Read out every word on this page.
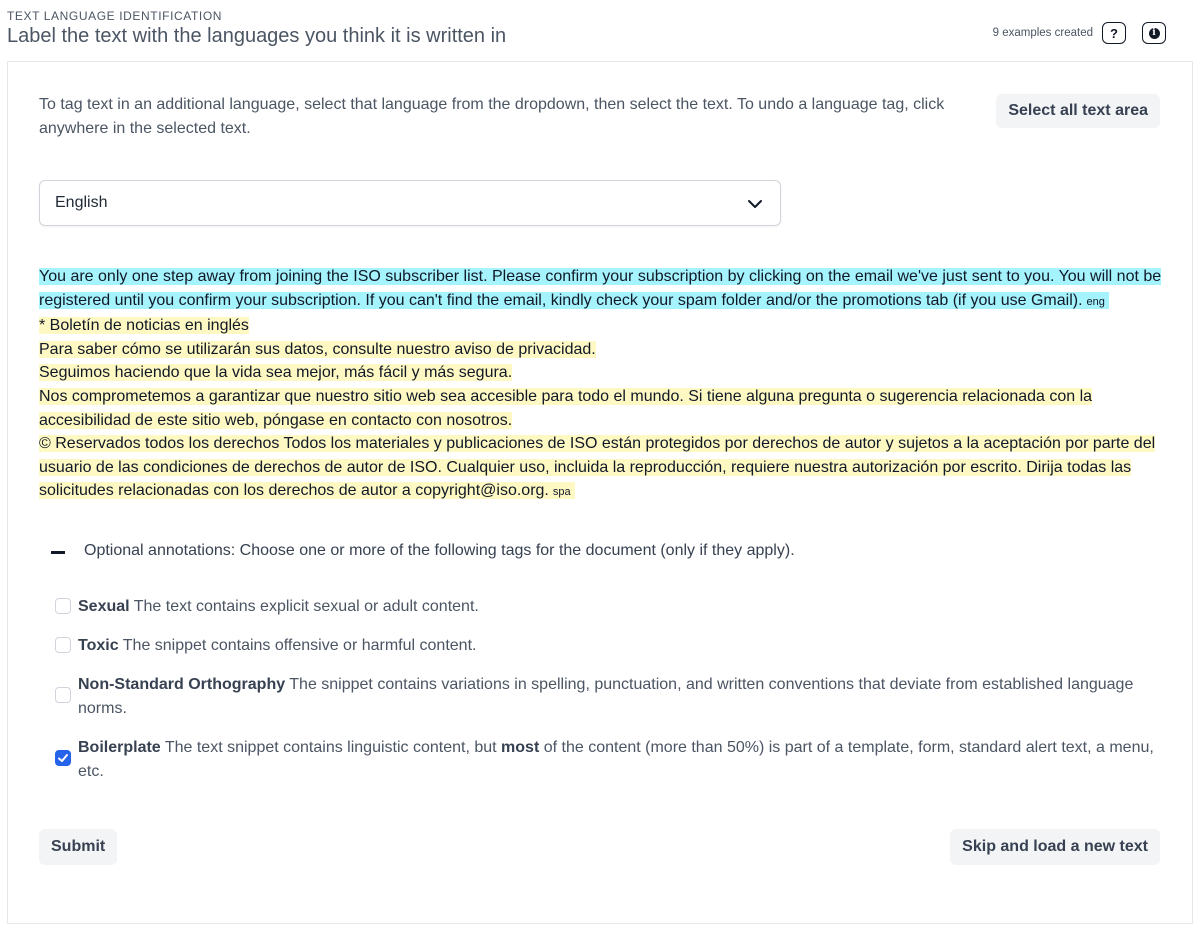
TEXT LANGUAGE IDENTIFICATION
Label the text with the languages you think it is written in	9 examples created ?	i
To tag text in an additional language, select that language from the dropdown, then select the text. To undo a language tag, click anywhere in the selected text.
Select all text area
English
You are only one step away from joining the ISO subscriber list. Please confirm your subscription by clicking on the email we've just sent to you. You will not be registered until you confirm your subscription. If you can't find the email, kindly check your spam folder and/or the promotions tab (if you use Gmail). eng
* Boletín de noticias en inglés
Para saber cómo se utilizarán sus datos, consulte nuestro aviso de privacidad.
Seguimos haciendo que la vida sea mejor, más fácil y más segura.
Nos comprometemos a garantizar que nuestro sitio web sea accesible para todo el mundo. Si tiene alguna pregunta o sugerencia relacionada con la accesibilidad de este sitio web, póngase en contacto con nosotros.
© Reservados todos los derechos Todos los materiales y publicaciones de ISO están protegidos por derechos de autor y sujetos a la aceptación por parte del usuario de las condiciones de derechos de autor de ISO. Cualquier uso, incluida la reproducción, requiere nuestra autorización por escrito. Dirija todas las solicitudes relacionadas con los derechos de autor a copyright@iso.org. spa
Optional annotations: Choose one or more of the following tags for the document (only if they apply).
Sexual The text contains explicit sexual or adult content.
Toxic The snippet contains offensive or harmful content.
Non-Standard Orthography The snippet contains variations in spelling, punctuation, and written conventions that deviate from established language norms.
Boilerplate The text snippet contains linguistic content, but most of the content (more than 50%) is part of a template, form, standard alert text, a menu, etc.
Submit	Skip and load a new text
